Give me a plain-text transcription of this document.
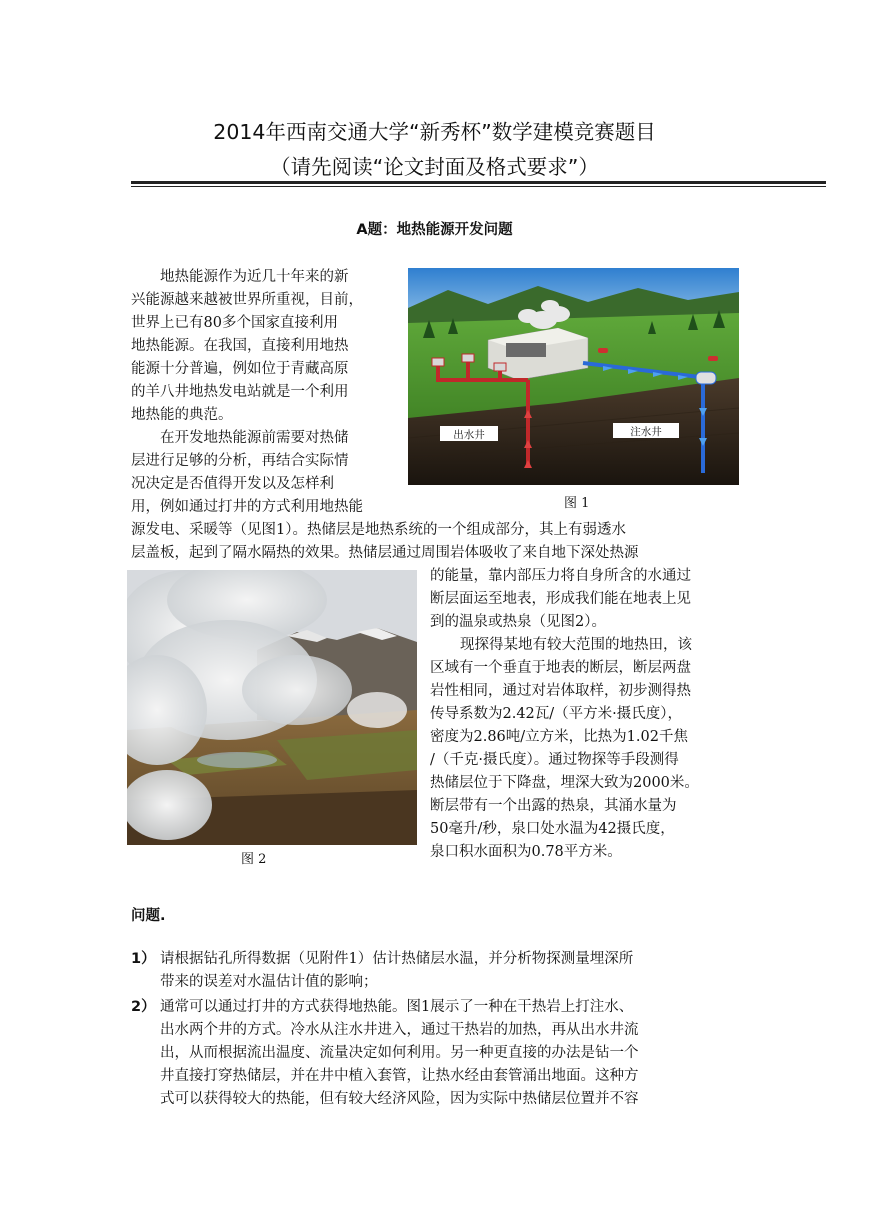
2014年西南交通大学“新秀杯”数学建模竞赛题目
（请先阅读“论文封面及格式要求”）
A题：地热能源开发问题
地热能源作为近几十年来的新
兴能源越来越被世界所重视，目前，
世界上已有80多个国家直接利用
地热能源。在我国，直接利用地热
能源十分普遍，例如位于青藏高原
的羊八井地热发电站就是一个利用
地热能的典范。
在开发地热能源前需要对热储
层进行足够的分析，再结合实际情
况决定是否值得开发以及怎样利
用，例如通过打井的方式利用地热能
源发电、采暖等（见图1）。热储层是地热系统的一个组成部分，其上有弱透水
层盖板，起到了隔水隔热的效果。热储层通过周围岩体吸收了来自地下深处热源
的能量，靠内部压力将自身所含的水通过
断层面运至地表，形成我们能在地表上见
到的温泉或热泉（见图2）。
现探得某地有较大范围的地热田，该
区域有一个垂直于地表的断层，断层两盘
岩性相同，通过对岩体取样，初步测得热
传导系数为2.42瓦/（平方米·摄氏度），
密度为2.86吨/立方米，比热为1.02千焦
/（千克·摄氏度）。通过物探等手段测得
热储层位于下降盘，埋深大致为2000米。
断层带有一个出露的热泉，其涌水量为
50毫升/秒，泉口处水温为42摄氏度，
泉口积水面积为0.78平方米。
出水井	注水井
图 1
图 2
问题.
1） 请根据钻孔所得数据（见附件1）估计热储层水温，并分析物探测量埋深所
带来的误差对水温估计值的影响；
2） 通常可以通过打井的方式获得地热能。图1展示了一种在干热岩上打注水、
出水两个井的方式。冷水从注水井进入，通过干热岩的加热，再从出水井流
出，从而根据流出温度、流量决定如何利用。另一种更直接的办法是钻一个
井直接打穿热储层，并在井中植入套管，让热水经由套管涌出地面。这种方
式可以获得较大的热能，但有较大经济风险，因为实际中热储层位置并不容
